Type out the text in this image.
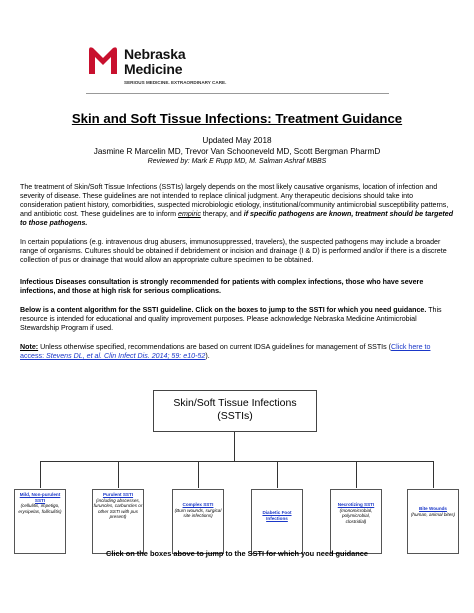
Nebraska
Medicine
SERIOUS MEDICINE. EXTRAORDINARY CARE.
Skin and Soft Tissue Infections: Treatment Guidance
Updated May 2018
Jasmine R Marcelin MD, Trevor Van Schooneveld MD, Scott Bergman PharmD
Reviewed by: Mark E Rupp MD, M. Salman Ashraf MBBS
The treatment of Skin/Soft Tissue Infections (SSTIs) largely depends on the most likely causative organisms, location of infection and severity of disease. These guidelines are not intended to replace clinical judgment. Any therapeutic decisions should take into consideration patient history, comorbidities, suspected microbiologic etiology, institutional/community antimicrobial susceptibility patterns, and antibiotic cost. These guidelines are to inform empiric therapy, and if specific pathogens are known, treatment should be targeted to those pathogens.
In certain populations (e.g. intravenous drug abusers, immunosuppressed, travelers), the suspected pathogens may include a broader range of organisms. Cultures should be obtained if debridement or incision and drainage (I & D) is performed and/or if there is a discrete collection of pus or drainage that would allow an appropriate culture specimen to be obtained.
Infectious Diseases consultation is strongly recommended for patients with complex infections, those who have severe infections, and those at high risk for serious complications.
Below is a content algorithm for the SSTI guideline. Click on the boxes to jump to the SSTI for which you need guidance. This resource is intended for educational and quality improvement purposes. Please acknowledge Nebraska Medicine Antimicrobial Stewardship Program if used.
Note: Unless otherwise specified, recommendations are based on current IDSA guidelines for management of SSTIs (Click here to access: Stevens DL, et al. Clin Infect Dis. 2014; 59: e10-52).
Skin/Soft Tissue Infections
(SSTIs)
Mild, Non-purulent SSTI
(cellulitis, impetigo, erysipelas, folliculitis)
Purulent SSTI
(including abscesses, furuncles, carbuncles or other SSTI with pus present)
Complex SSTI
(Burn wounds, surgical site infections)
Diabetic Foot Infections
Necrotizing SSTI
(monomicrobial, polymicrobial, clostridial)
Bite Wounds
(human, animal bites)
Click on the boxes above to jump to the SSTI for which you need guidance
